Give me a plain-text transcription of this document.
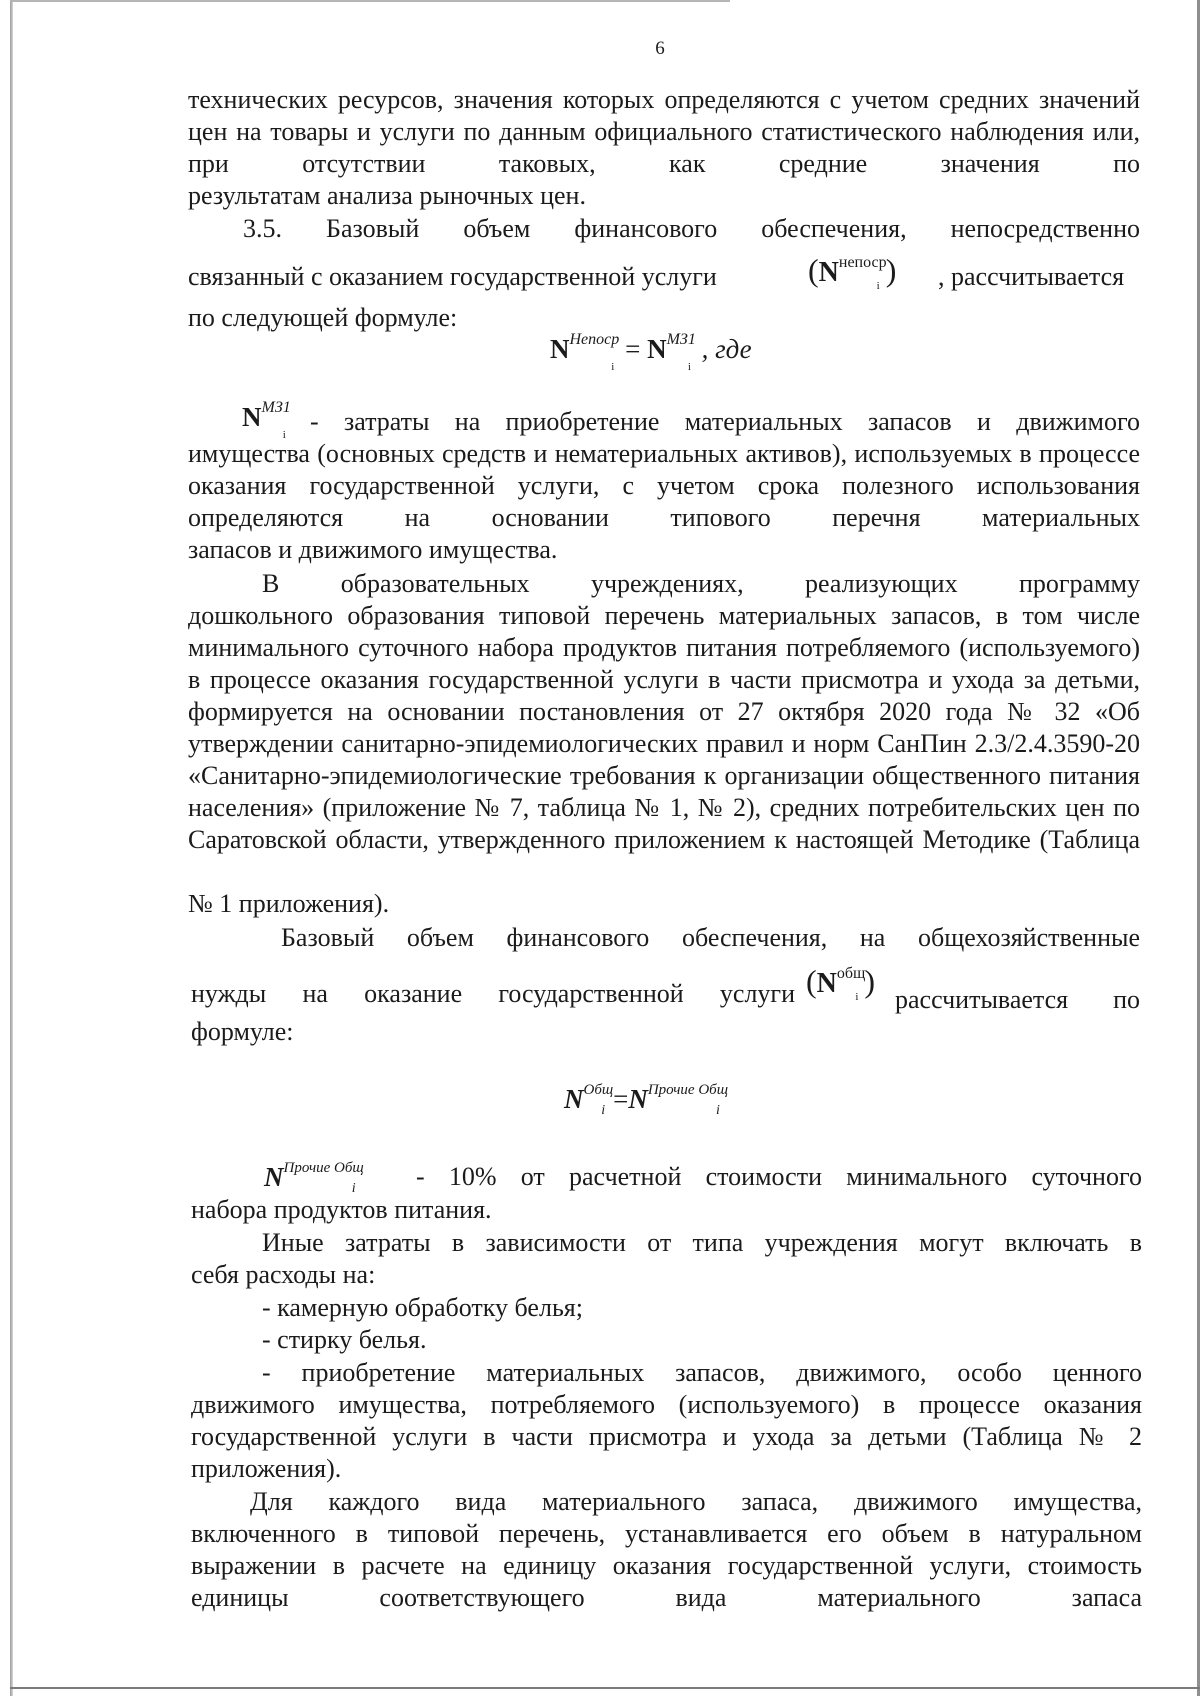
6
технических ресурсов, значения которых определяются с учетом средних значений цен на товары и услуги по данным официального статистического наблюдения или, при отсутствии таковых, как средние значения по
результатам анализа рыночных цен.
3.5. Базовый объем финансового обеспечения, непосредственно
связанный с оказанием государственной услуги	($N^{непоср}_i$ ) , рассчитывается
по следующей формуле:
$N^{Непоср}_i = N^{МЗ1}_i$ , где
$N^{МЗ1}_i$ - затраты на приобретение материальных запасов и движимого
имущества (основных средств и нематериальных активов), используемых в процессе оказания государственной услуги, с учетом срока полезного использования определяются на основании типового перечня материальных
запасов и движимого имущества.
В образовательных учреждениях, реализующих программу
дошкольного образования типовой перечень материальных запасов, в том числе минимального суточного набора продуктов питания потребляемого (используемого) в процессе оказания государственной услуги в части присмотра и ухода за детьми, формируется на основании постановления от 27 октября 2020 года № 32 «Об утверждении санитарно-эпидемиологических правил и норм СанПин 2.3/2.4.3590-20 «Санитарно-эпидемиологические требования к организации общественного питания населения» (приложение № 7, таблица № 1, № 2), средних потребительских цен по Саратовской области, утвержденного приложением к настоящей Методике (Таблица
№ 1 приложения).
Базовый объем финансового обеспечения, на общехозяйственные
нужды на оказание государственной услуги ($N^{общ}_i$ )
рассчитывается по
формуле:
$N^{Общ}_i =N^{Прочие Общ}_i$
$N^{Прочие Общ}_i$	- 10% от расчетной стоимости минимального суточного
набора продуктов питания.
Иные затраты в зависимости от типа учреждения могут включать в
себя расходы на:
- камерную обработку белья;
- стирку белья.
- приобретение материальных запасов, движимого, особо ценного
движимого имущества, потребляемого (используемого) в процессе оказания государственной услуги в части присмотра и ухода за детьми (Таблица № 2
приложения).
Для каждого вида материального запаса, движимого имущества,
включенного в типовой перечень, устанавливается его объем в натуральном выражении в расчете на единицу оказания государственной услуги, стоимость единицы соответствующего вида материального запаса
